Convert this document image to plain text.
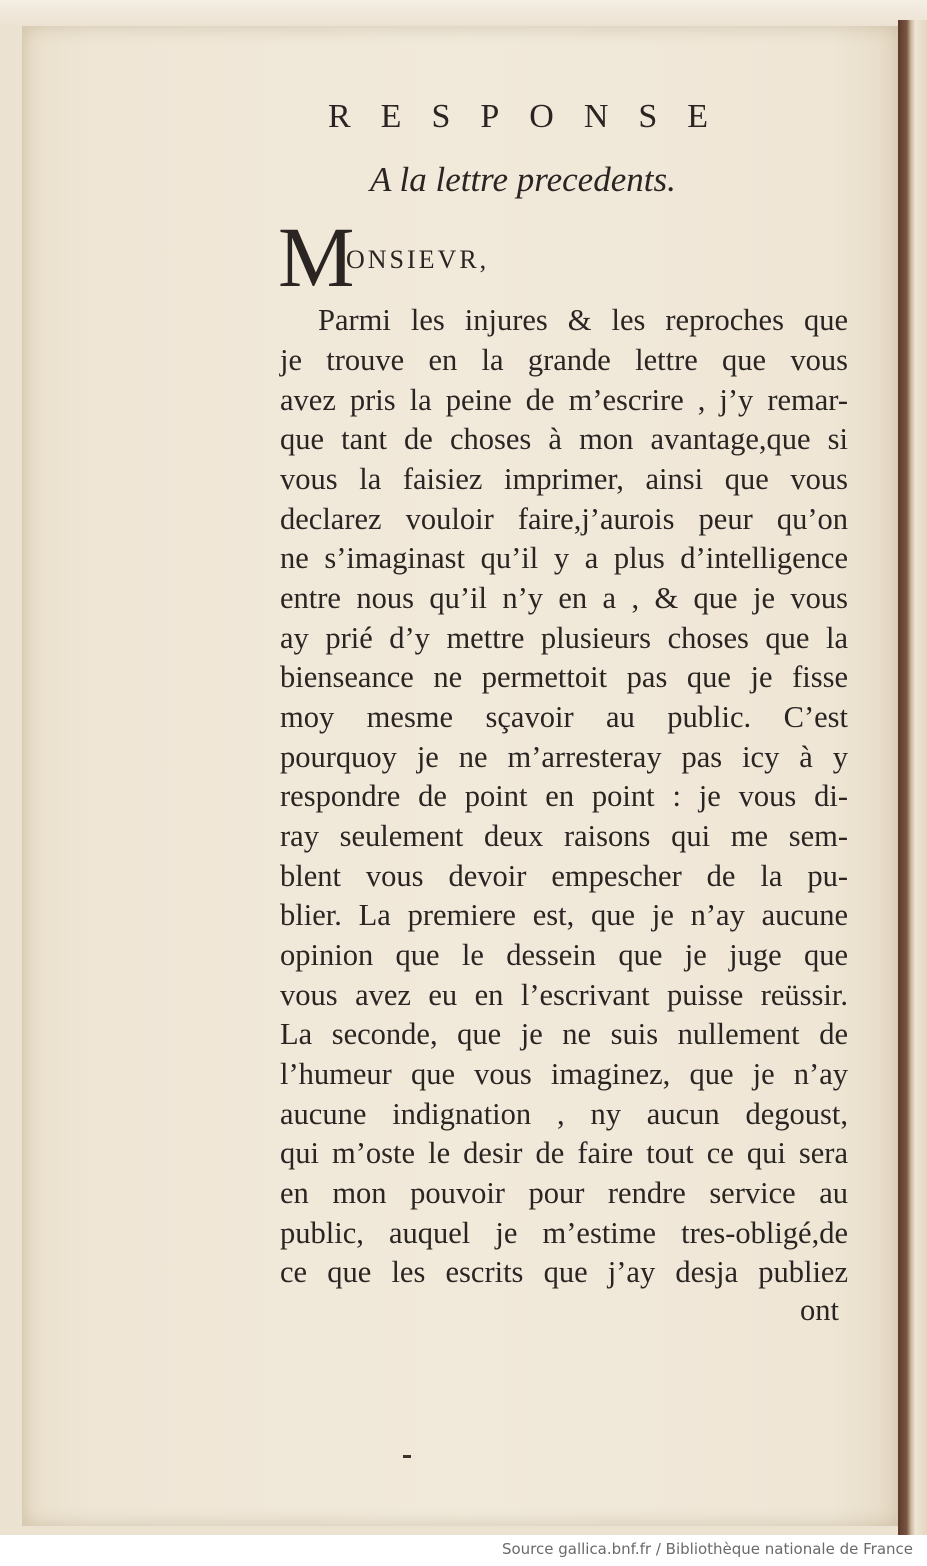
RESPONSE
A la lettre precedents.
M
ONSIEVR,
Parmi les injures & les reproches que
je trouve en la grande lettre que vous
avez pris la peine de m’escrire , j’y remar-
que tant de choses à mon avantage,que si
vous la faisiez imprimer, ainsi que vous
declarez vouloir faire,j’aurois peur qu’on
ne s’imaginast qu’il y a plus d’intelligence
entre nous qu’il n’y en a , & que je vous
ay prié d’y mettre plusieurs choses que la
bienseance ne permettoit pas que je fisse
moy mesme sçavoir au public. C’est
pourquoy je ne m’arresteray pas icy à y
respondre de point en point : je vous di-
ray seulement deux raisons qui me sem-
blent vous devoir empescher de la pu-
blier. La premiere est, que je n’ay aucune
opinion que le dessein que je juge que
vous avez eu en l’escrivant puisse reüssir.
La seconde, que je ne suis nullement de
l’humeur que vous imaginez, que je n’ay
aucune indignation , ny aucun degoust,
qui m’oste le desir de faire tout ce qui sera
en mon pouvoir pour rendre service au
public, auquel je m’estime tres-obligé,de
ce que les escrits que j’ay desja publiez
ont
Source gallica.bnf.fr / Bibliothèque nationale de France
